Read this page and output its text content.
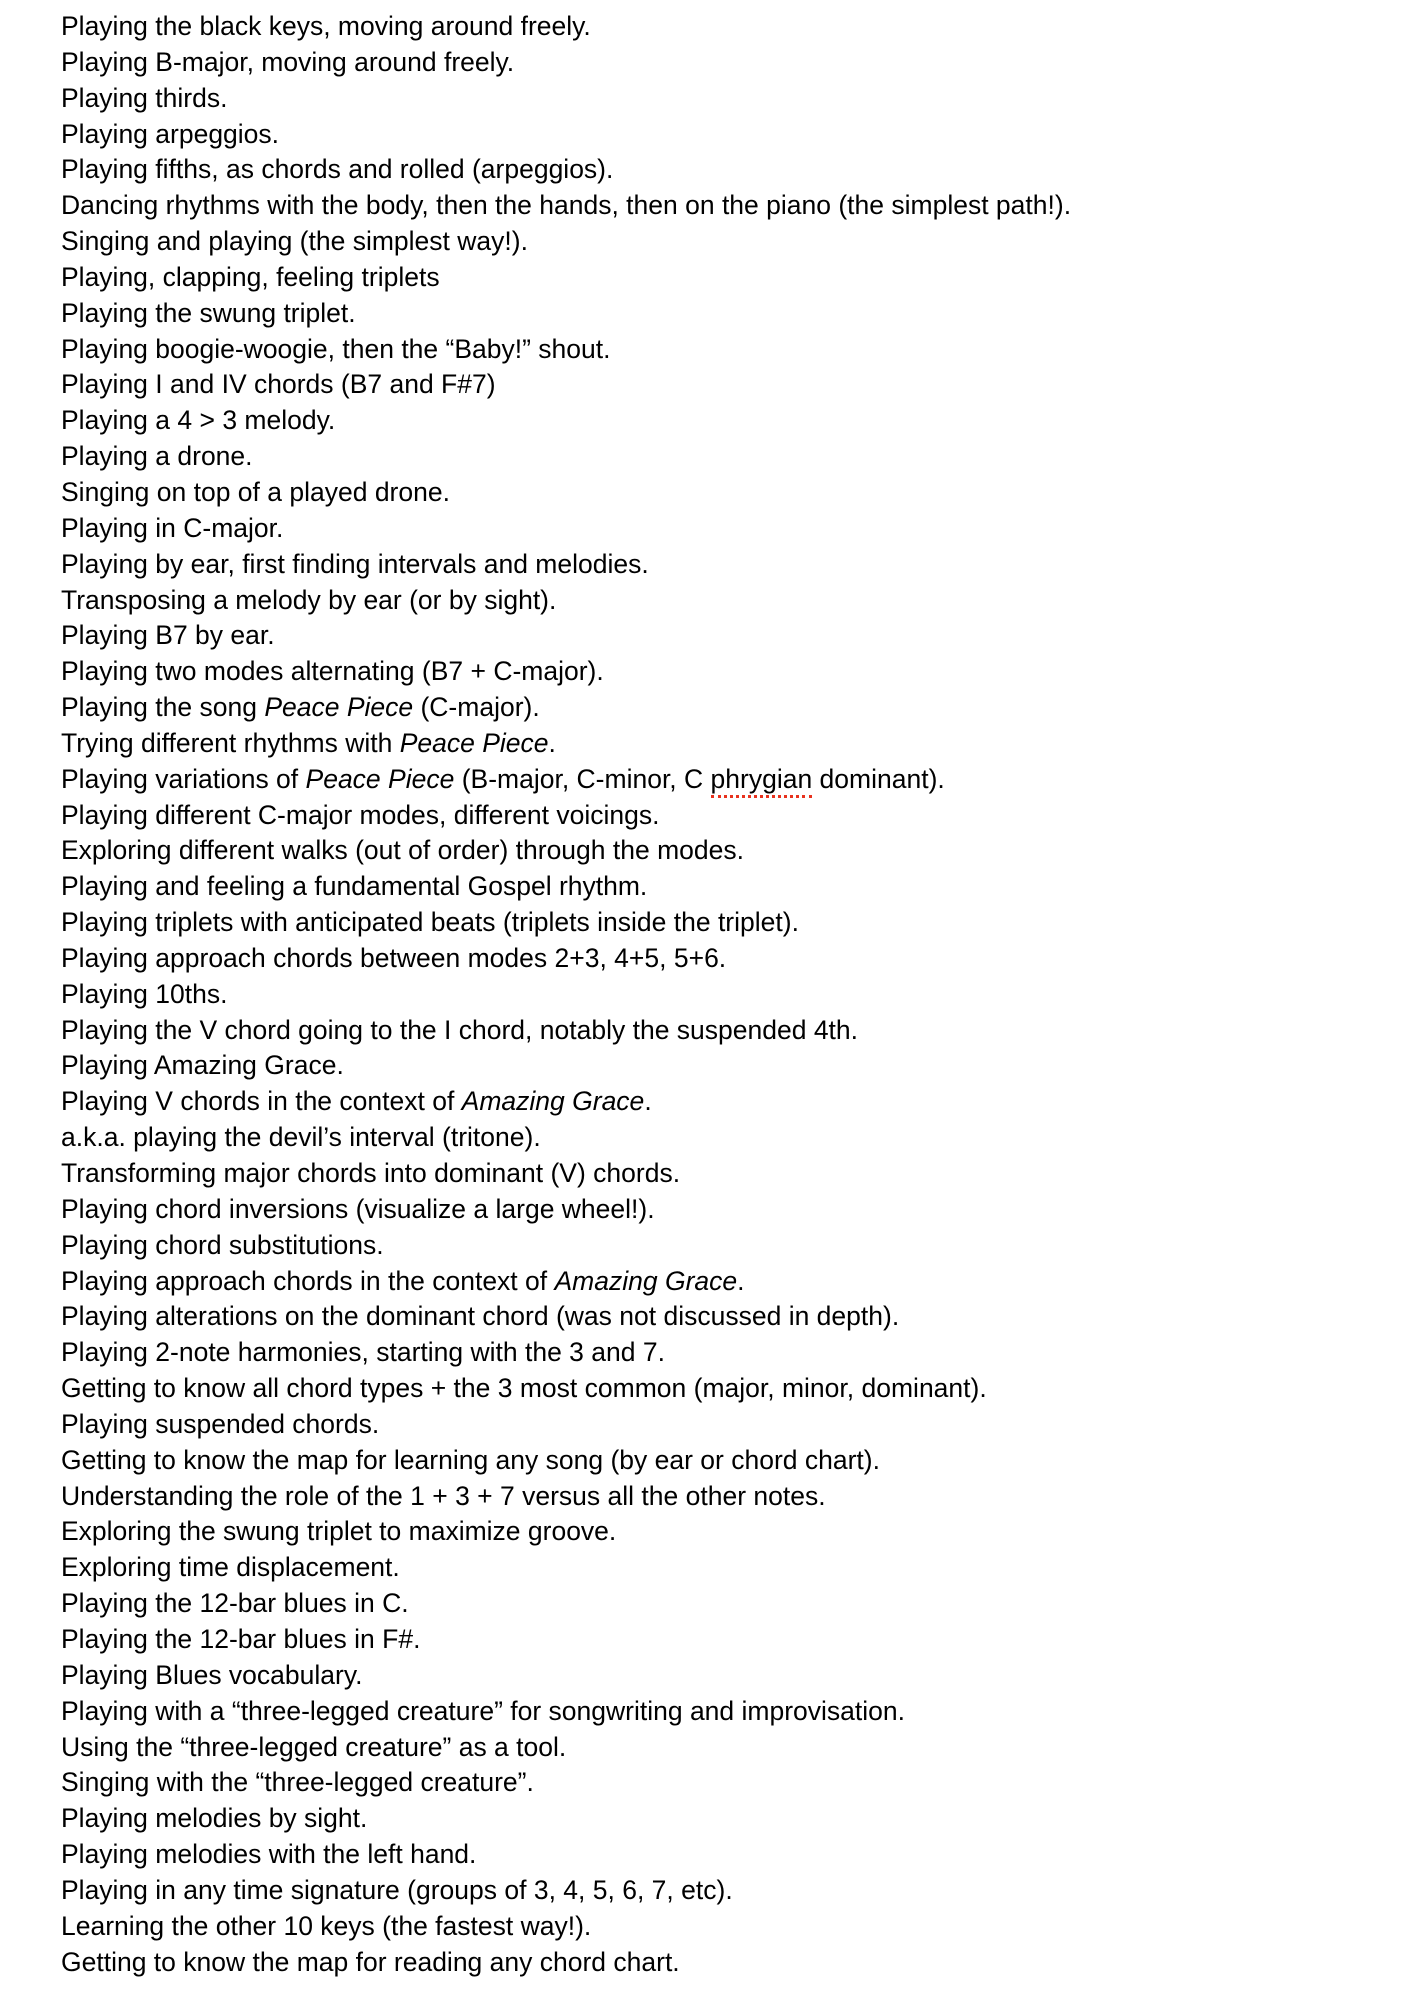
Playing the black keys, moving around freely.
Playing B-major, moving around freely.
Playing thirds.
Playing arpeggios.
Playing fifths, as chords and rolled (arpeggios).
Dancing rhythms with the body, then the hands, then on the piano (the simplest path!).
Singing and playing (the simplest way!).
Playing, clapping, feeling triplets
Playing the swung triplet.
Playing boogie-woogie, then the “Baby!” shout.
Playing I and IV chords (B7 and F#7)
Playing a 4 > 3 melody.
Playing a drone.
Singing on top of a played drone.
Playing in C-major.
Playing by ear, first finding intervals and melodies.
Transposing a melody by ear (or by sight).
Playing B7 by ear.
Playing two modes alternating (B7 + C-major).
Playing the song Peace Piece (C-major).
Trying different rhythms with Peace Piece.
Playing variations of Peace Piece (B-major, C-minor, C phrygian dominant).
Playing different C-major modes, different voicings.
Exploring different walks (out of order) through the modes.
Playing and feeling a fundamental Gospel rhythm.
Playing triplets with anticipated beats (triplets inside the triplet).
Playing approach chords between modes 2+3, 4+5, 5+6.
Playing 10ths.
Playing the V chord going to the I chord, notably the suspended 4th.
Playing Amazing Grace.
Playing V chords in the context of Amazing Grace.
a.k.a. playing the devil’s interval (tritone).
Transforming major chords into dominant (V) chords.
Playing chord inversions (visualize a large wheel!).
Playing chord substitutions.
Playing approach chords in the context of Amazing Grace.
Playing alterations on the dominant chord (was not discussed in depth).
Playing 2-note harmonies, starting with the 3 and 7.
Getting to know all chord types + the 3 most common (major, minor, dominant).
Playing suspended chords.
Getting to know the map for learning any song (by ear or chord chart).
Understanding the role of the 1 + 3 + 7 versus all the other notes.
Exploring the swung triplet to maximize groove.
Exploring time displacement.
Playing the 12-bar blues in C.
Playing the 12-bar blues in F#.
Playing Blues vocabulary.
Playing with a “three-legged creature” for songwriting and improvisation.
Using the “three-legged creature” as a tool.
Singing with the “three-legged creature”.
Playing melodies by sight.
Playing melodies with the left hand.
Playing in any time signature (groups of 3, 4, 5, 6, 7, etc).
Learning the other 10 keys (the fastest way!).
Getting to know the map for reading any chord chart.
